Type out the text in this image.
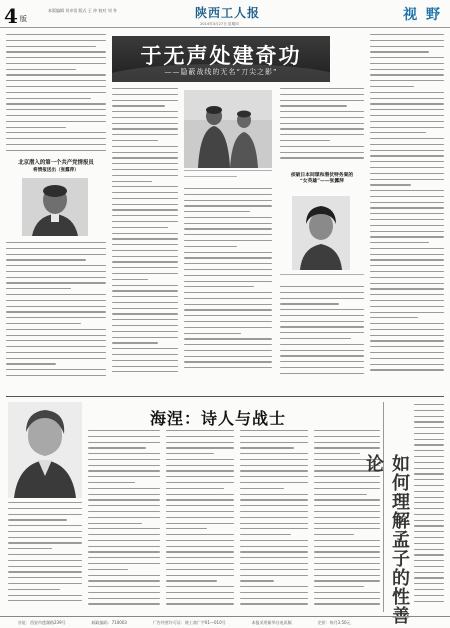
4 版
本版编辑 刘卓男 版式 王 冲 校对 刘 冬	陕西工人报	视 野
2014年3月27日 星期四
北京潜入的第一个共产党情报员
将情报送出（张露萍）
于无声处建奇功
——隐蔽战线的无名“刀尖之影”
侦破日本间谍和潜伏特务案的
“女英雄”——张露萍
海涅：诗人与战士
如何理解孟子的性善论
社址：西安市莲湖路239号	邮政编码：710003	广告经营许可证：陕工商广字01—010号	本报采用新华社电讯稿	定价：每月3.50元
